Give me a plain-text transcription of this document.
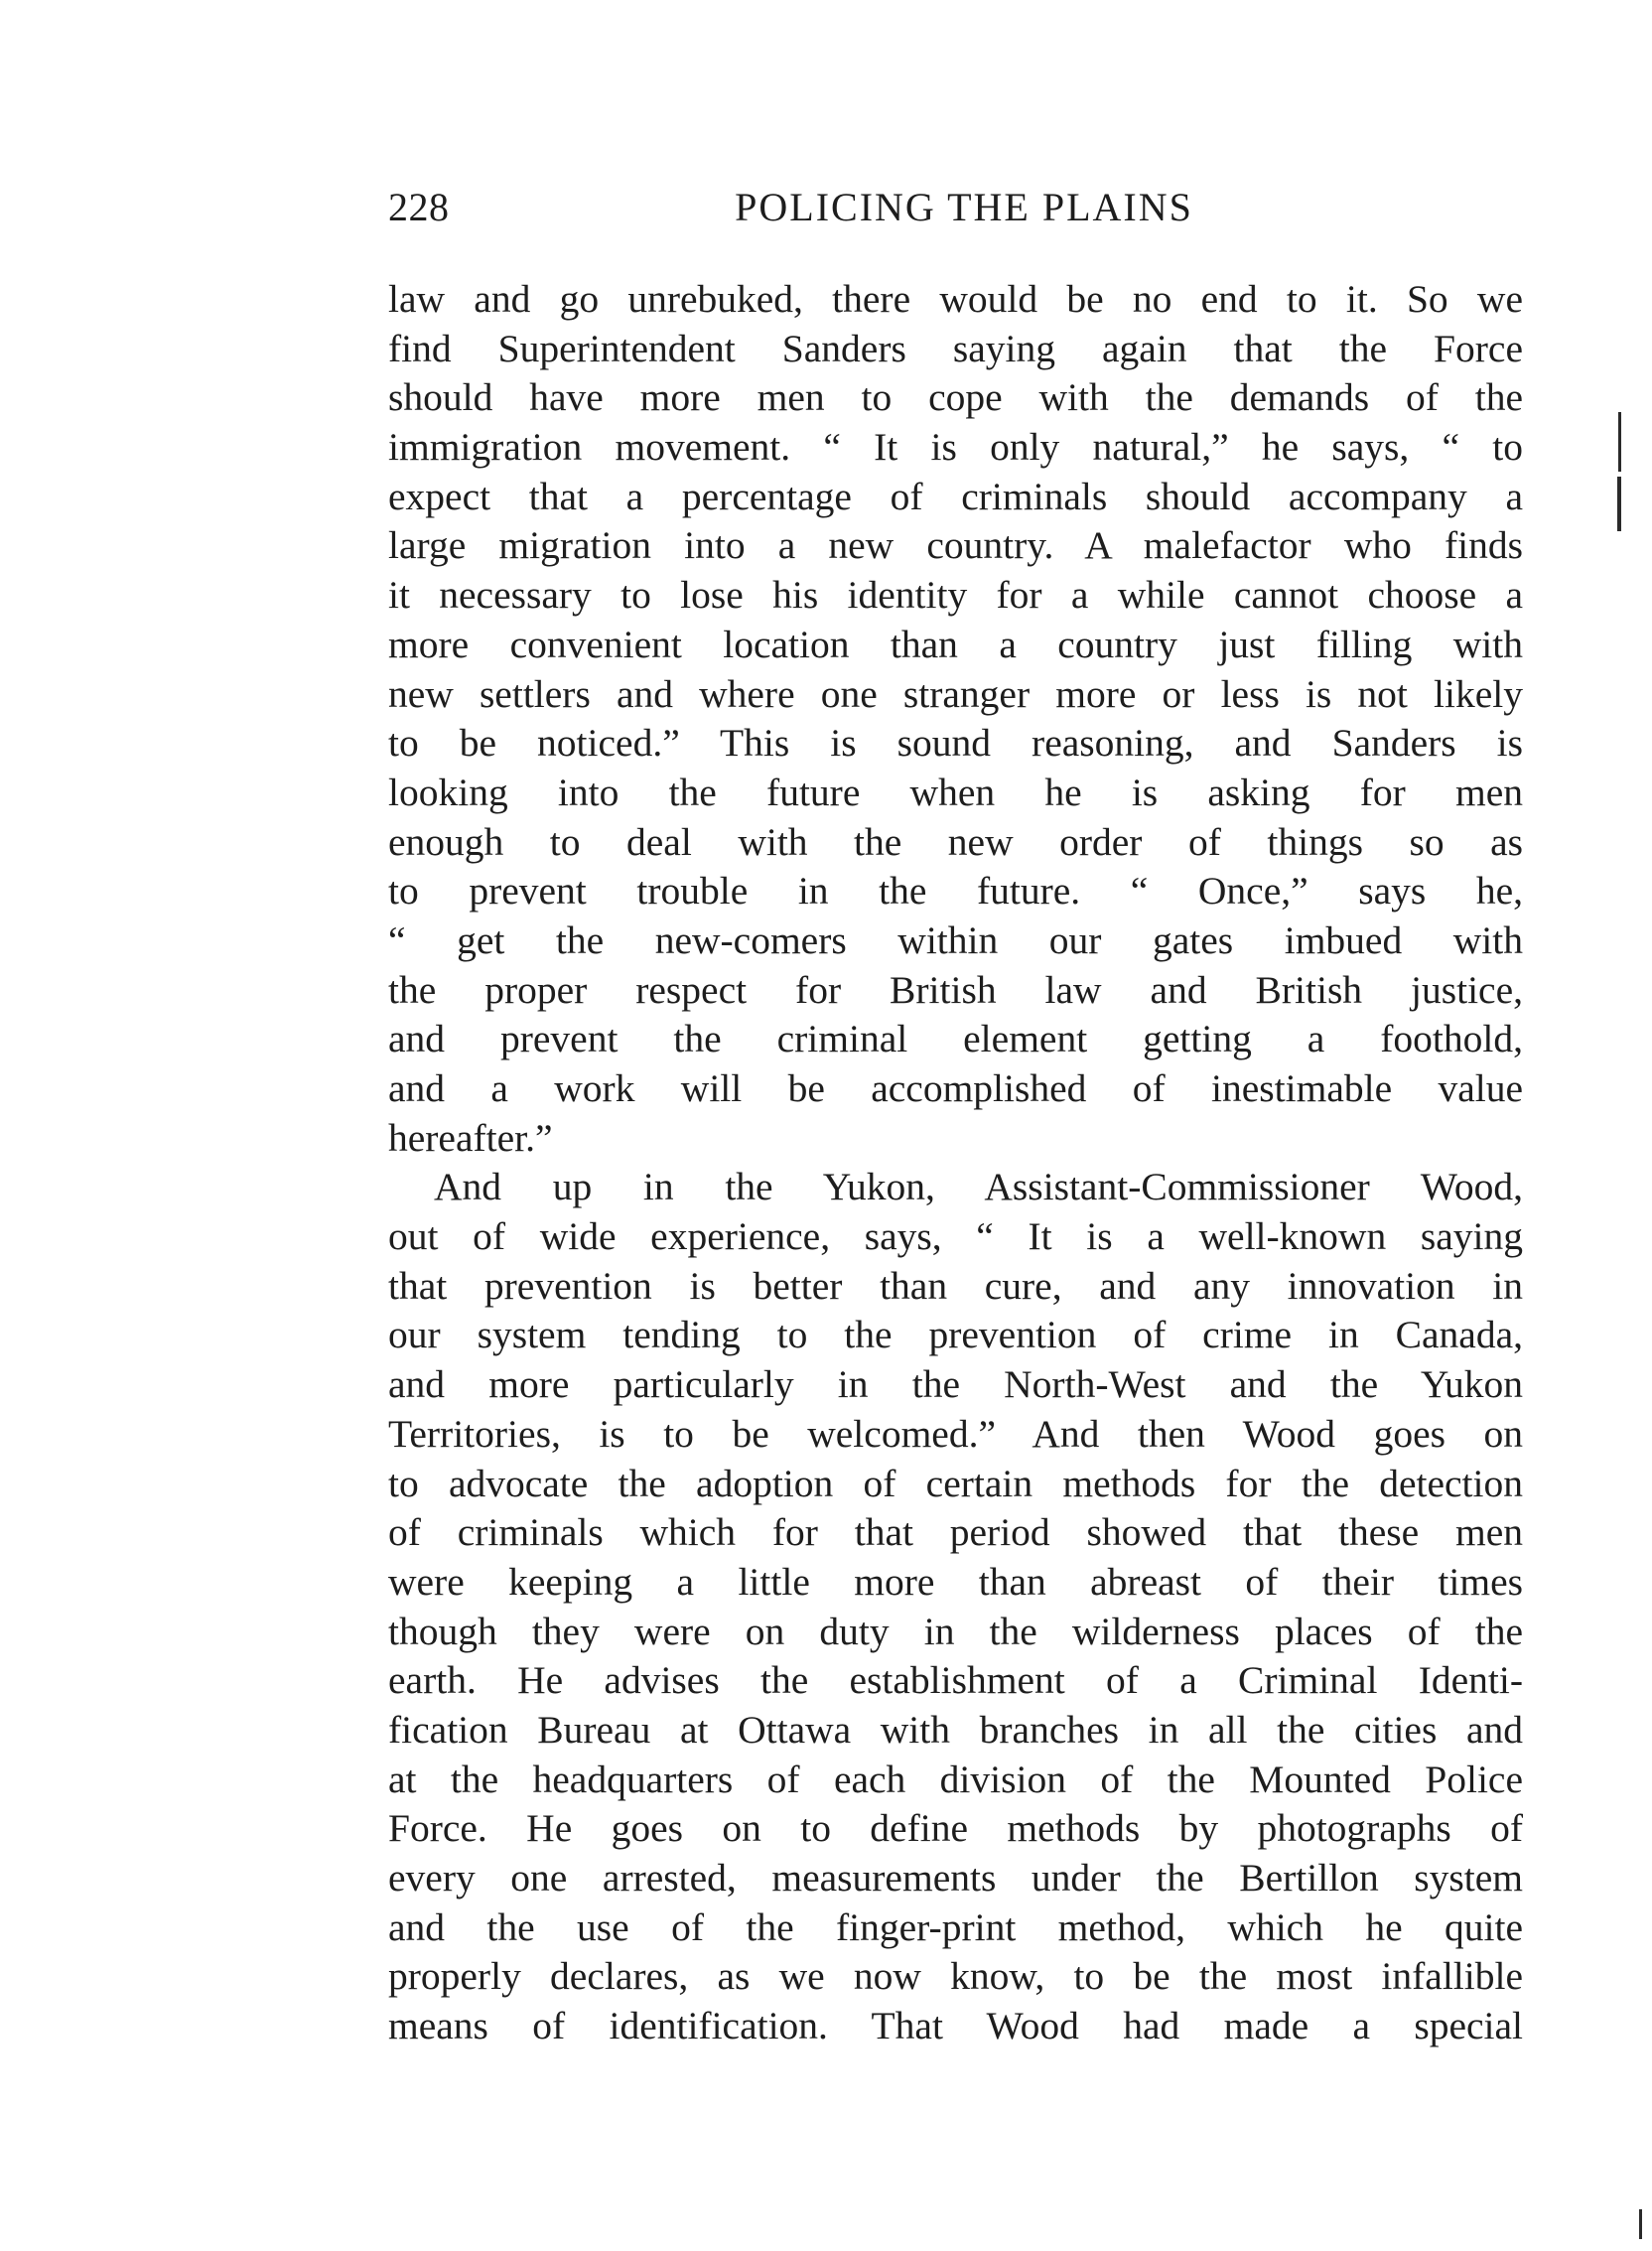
228	POLICING THE PLAINS
law and go unrebuked, there would be no end to it. So we
find Superintendent Sanders saying again that the Force
should have more men to cope with the demands of the
immigration movement. “ It is only natural,” he says, “ to
expect that a percentage of criminals should accompany a
large migration into a new country. A malefactor who finds
it necessary to lose his identity for a while cannot choose a
more convenient location than a country just filling with
new settlers and where one stranger more or less is not likely
to be noticed.” This is sound reasoning, and Sanders is
looking into the future when he is asking for men
enough to deal with the new order of things so as
to prevent trouble in the future. “ Once,” says he,
“ get the new-comers within our gates imbued with
the proper respect for British law and British justice,
and prevent the criminal element getting a foothold,
and a work will be accomplished of inestimable value
hereafter.”
And up in the Yukon, Assistant-Commissioner Wood,
out of wide experience, says, “ It is a well-known saying
that prevention is better than cure, and any innovation in
our system tending to the prevention of crime in Canada,
and more particularly in the North-West and the Yukon
Territories, is to be welcomed.” And then Wood goes on
to advocate the adoption of certain methods for the detection
of criminals which for that period showed that these men
were keeping a little more than abreast of their times
though they were on duty in the wilderness places of the
earth. He advises the establishment of a Criminal Identi-
fication Bureau at Ottawa with branches in all the cities and
at the headquarters of each division of the Mounted Police
Force. He goes on to define methods by photographs of
every one arrested, measurements under the Bertillon system
and the use of the finger-print method, which he quite
properly declares, as we now know, to be the most infallible
means of identification. That Wood had made a special
